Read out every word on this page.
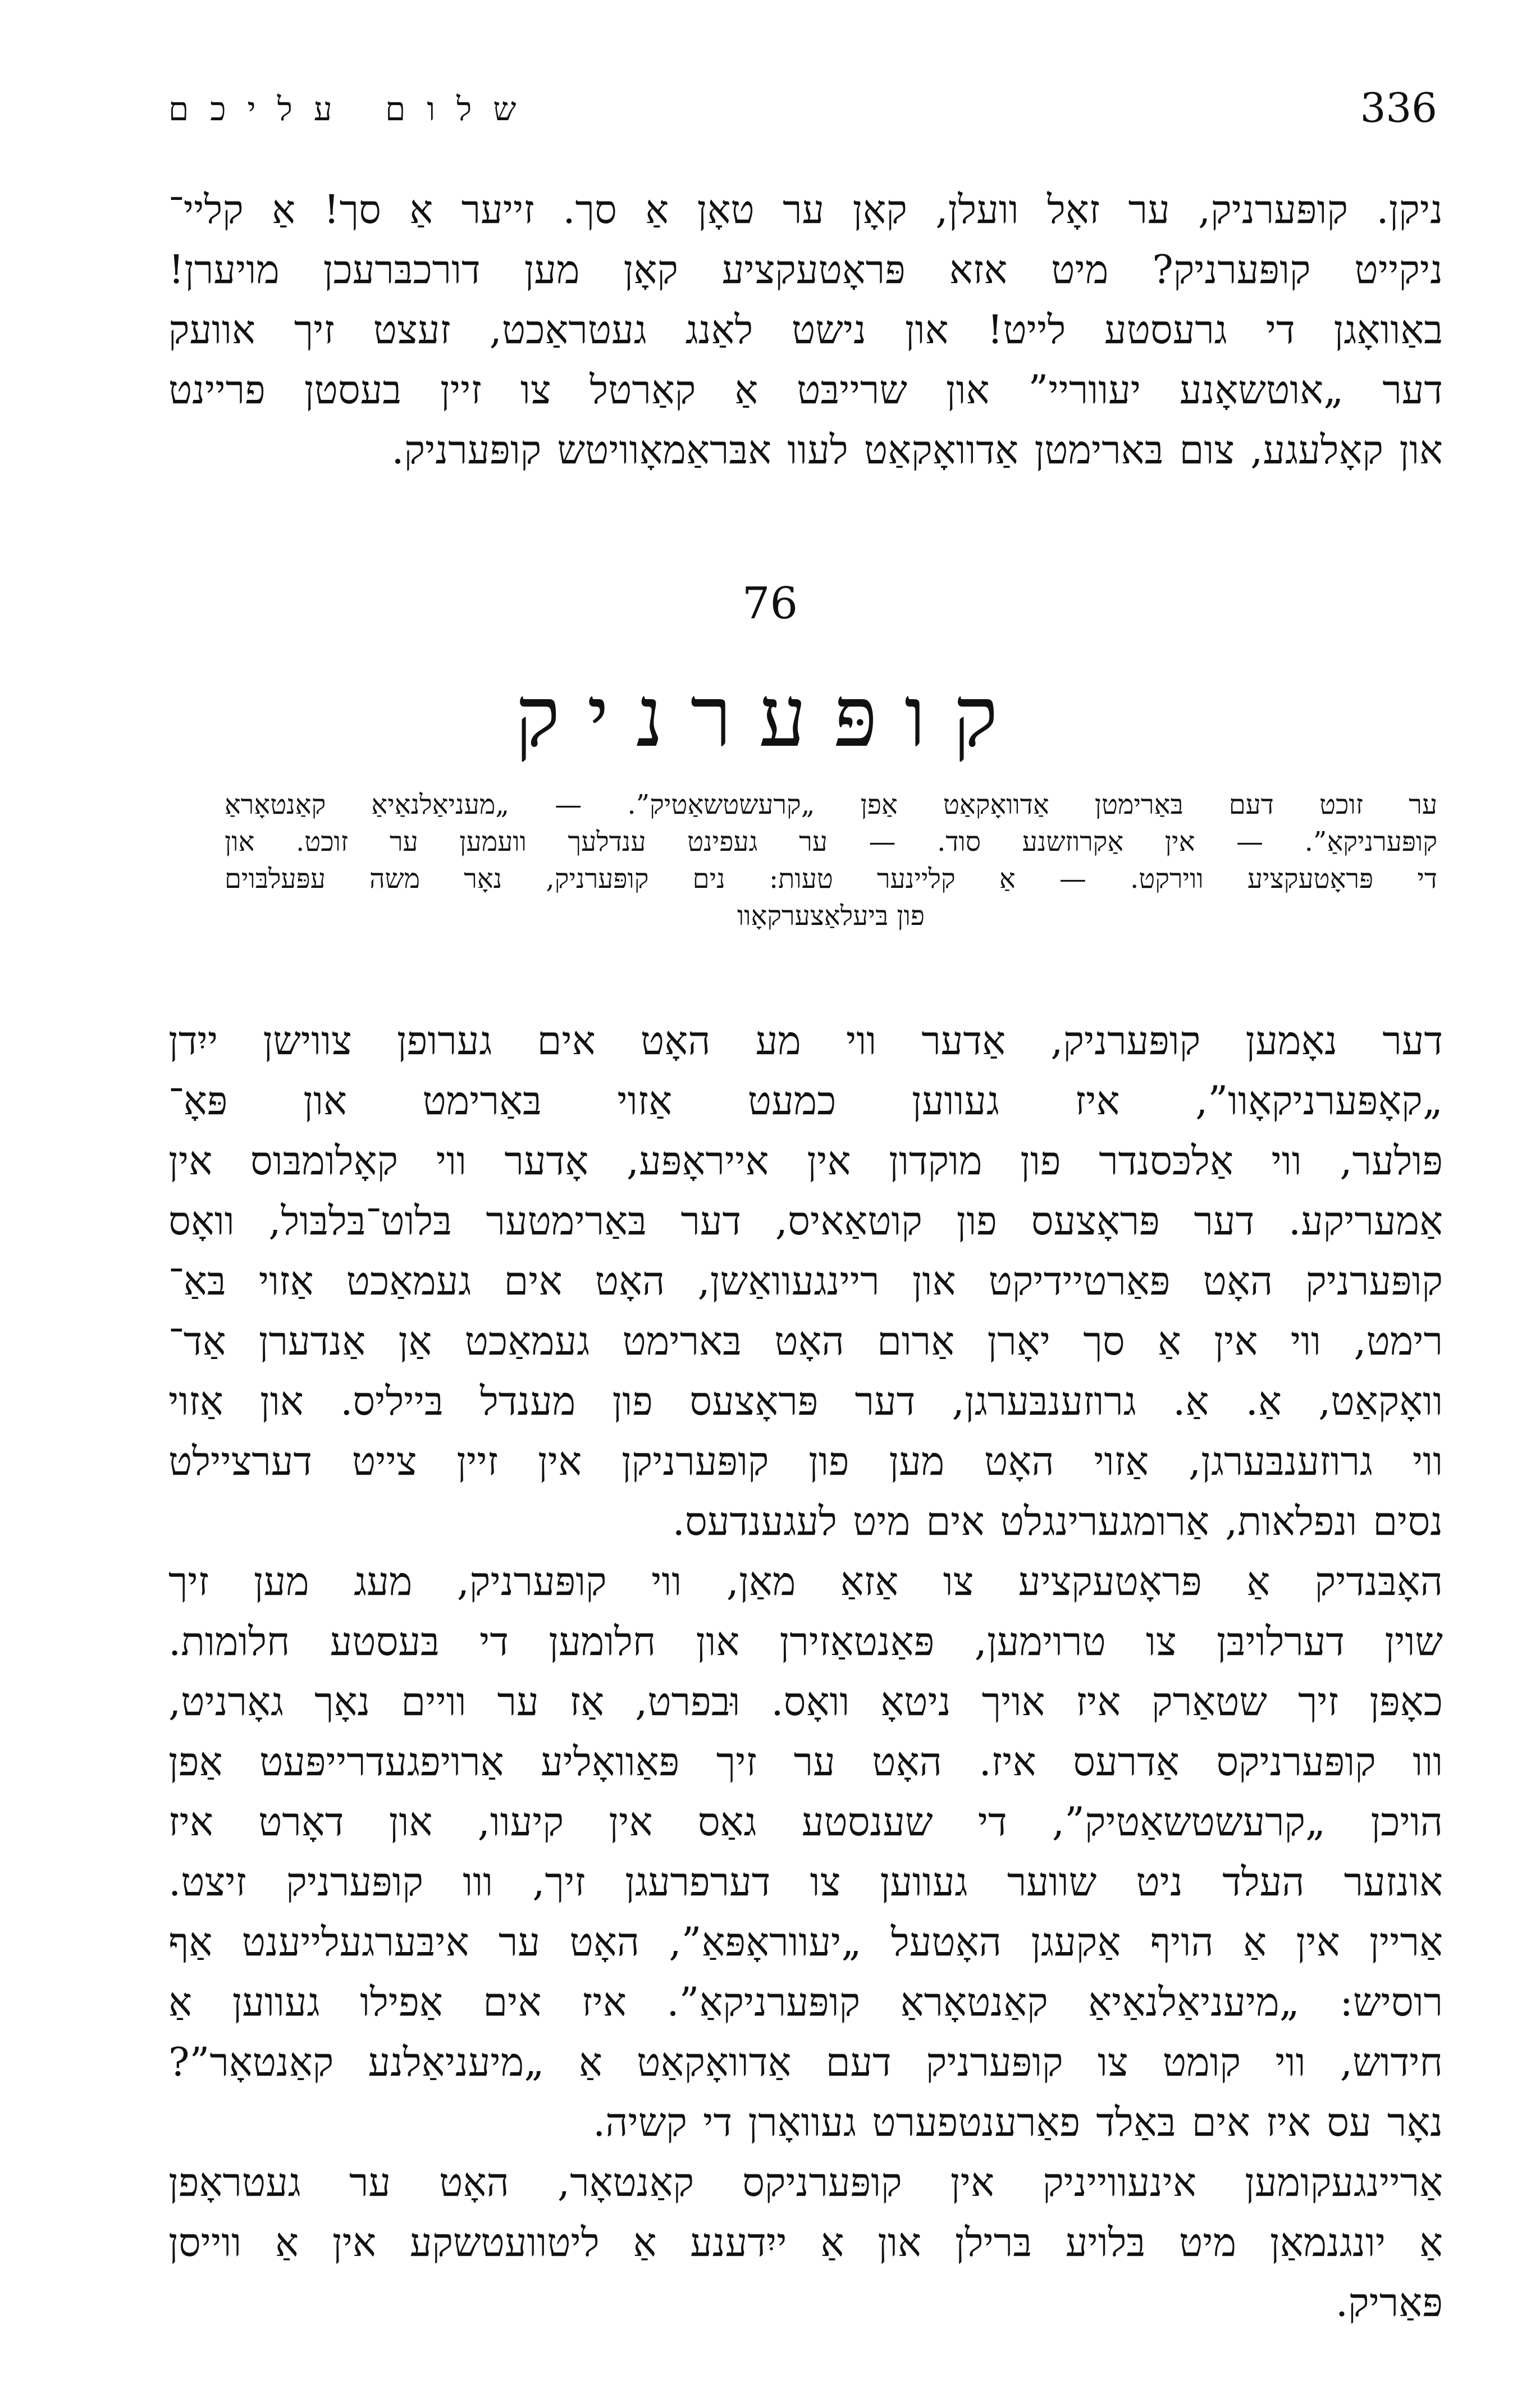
שלום עליכם	336
ניקן. קופּערניק, ער זאָל וועלן, קאָן ער טאָן אַ סך. זייער אַ סך! אַ קליי־
ניקייט קופּערניק? מיט אזא פּראָטעקציע קאָן מען דורכבּרעכן מויערן!
באַוואָגן די גרעסטע לייט! און נישט לאַנג געטראַכט, זעצט זיך אוועק
דער „אוטשאָנע יעווריי” און שרייבּט אַ קאַרטל צו זיין בעסטן פריינט
און קאָלעגע, צום בּארימטן אַדוואָקאַט לעוו אבּראַמאָוויטש קופּערניק.
76
קופּערניק
ער זוכט דעם בּאַרימטן אַדוואָקאַט אַפן „קרעשטשאַטיק”. — „מעניאַלנאַיאַ קאַנטאָראַ
קופּערניקאַ”. — אין אַקרוזשנע סוד. — ער געפינט ענדלעך וועמען ער זוכט. און
די פּראָטעקציע ווירקט. — אַ קליינער טעות: נים קופּערניק, נאָר משה עפּעלבּוים
פון בּיעלאַצערקאָוו
דער נאָמען קופּערניק, אַדער ווי מע האָט אים גערופן צווישן ייִדן
„קאָפּערניקאָוו”, איז געווען כמעט אַזוי בּאַרימט און פּאָ־
פּולער, ווי אַלכּסנדר פון מוקדון אין אייראָפּע, אָדער ווי קאָלומבּוס אין
אַמעריקע. דער פּראָצעס פון קוטאַאיס, דער בּאַרימטער בּלוט־בּלבּול, וואָס
קופּערניק האָט פּאַרטיידיקט און ריינגעוואַשן, האָט אים געמאַכט אַזוי בּאַ־
רימט, ווי אין אַ סך יאָרן אַרום האָט בּארימט געמאַכט אַן אַנדערן אַד־
וואָקאַט, אַ. אַ. גרוזענבּערגן, דער פּראָצעס פון מענדל בּייליס. און אַזוי
ווי גרוזענבּערגן, אַזוי האָט מען פון קופּערניקן אין זיין צייט דערציילט
נסים ונפלאות, אַרומגערינגלט אים מיט לעגענדעס.
האָבּנדיק אַ פּראָטעקציע צו אַזאַ מאַן, ווי קופּערניק, מעג מען זיך
שוין דערלויבּן צו טרוימען, פּאַנטאַזירן און חלומען די בּעסטע חלומות.
כאָפּן זיך שטאַרק איז אויך ניטאָ וואָס. וּבפרט, אַז ער וויים נאָך גאָרניט,
ווו קופּערניקס אַדרעס איז. האָט ער זיך פּאַוואָליע אַרויפגעדרייפּעט אַפן
הויכן „קרעשטשאַטיק”, די שענסטע גאַס אין קיעוו, און דאָרט איז
אונזער העלד ניט שווער געווען צו דערפרעגן זיך, ווו קופּערניק זיצט.
אַריין אין אַ הויף אַקעגן האָטעל „יעווראָפּאַ”, האָט ער איבּערגעלייענט אַף
רוסיש: „מיעניאַלנאַיאַ קאַנטאָראַ קופּערניקאַ”. איז אים אַפילו געווען אַ
חידוש, ווי קומט צו קופּערניק דעם אַדוואָקאַט אַ „מיעניאַלנע קאַנטאָר”?
נאָר עס איז אים בּאַלד פאַרענטפערט געוואָרן די קשיה.
אַריינגעקומען אינעווייניק אין קופּערניקס קאַנטאָר, האָט ער געטראָפן
אַ יונגנמאַן מיט בּלויע בּרילן און אַ ייִדענע אַ ליטוועטשקע אין אַ ווייסן
פּאַריק.
